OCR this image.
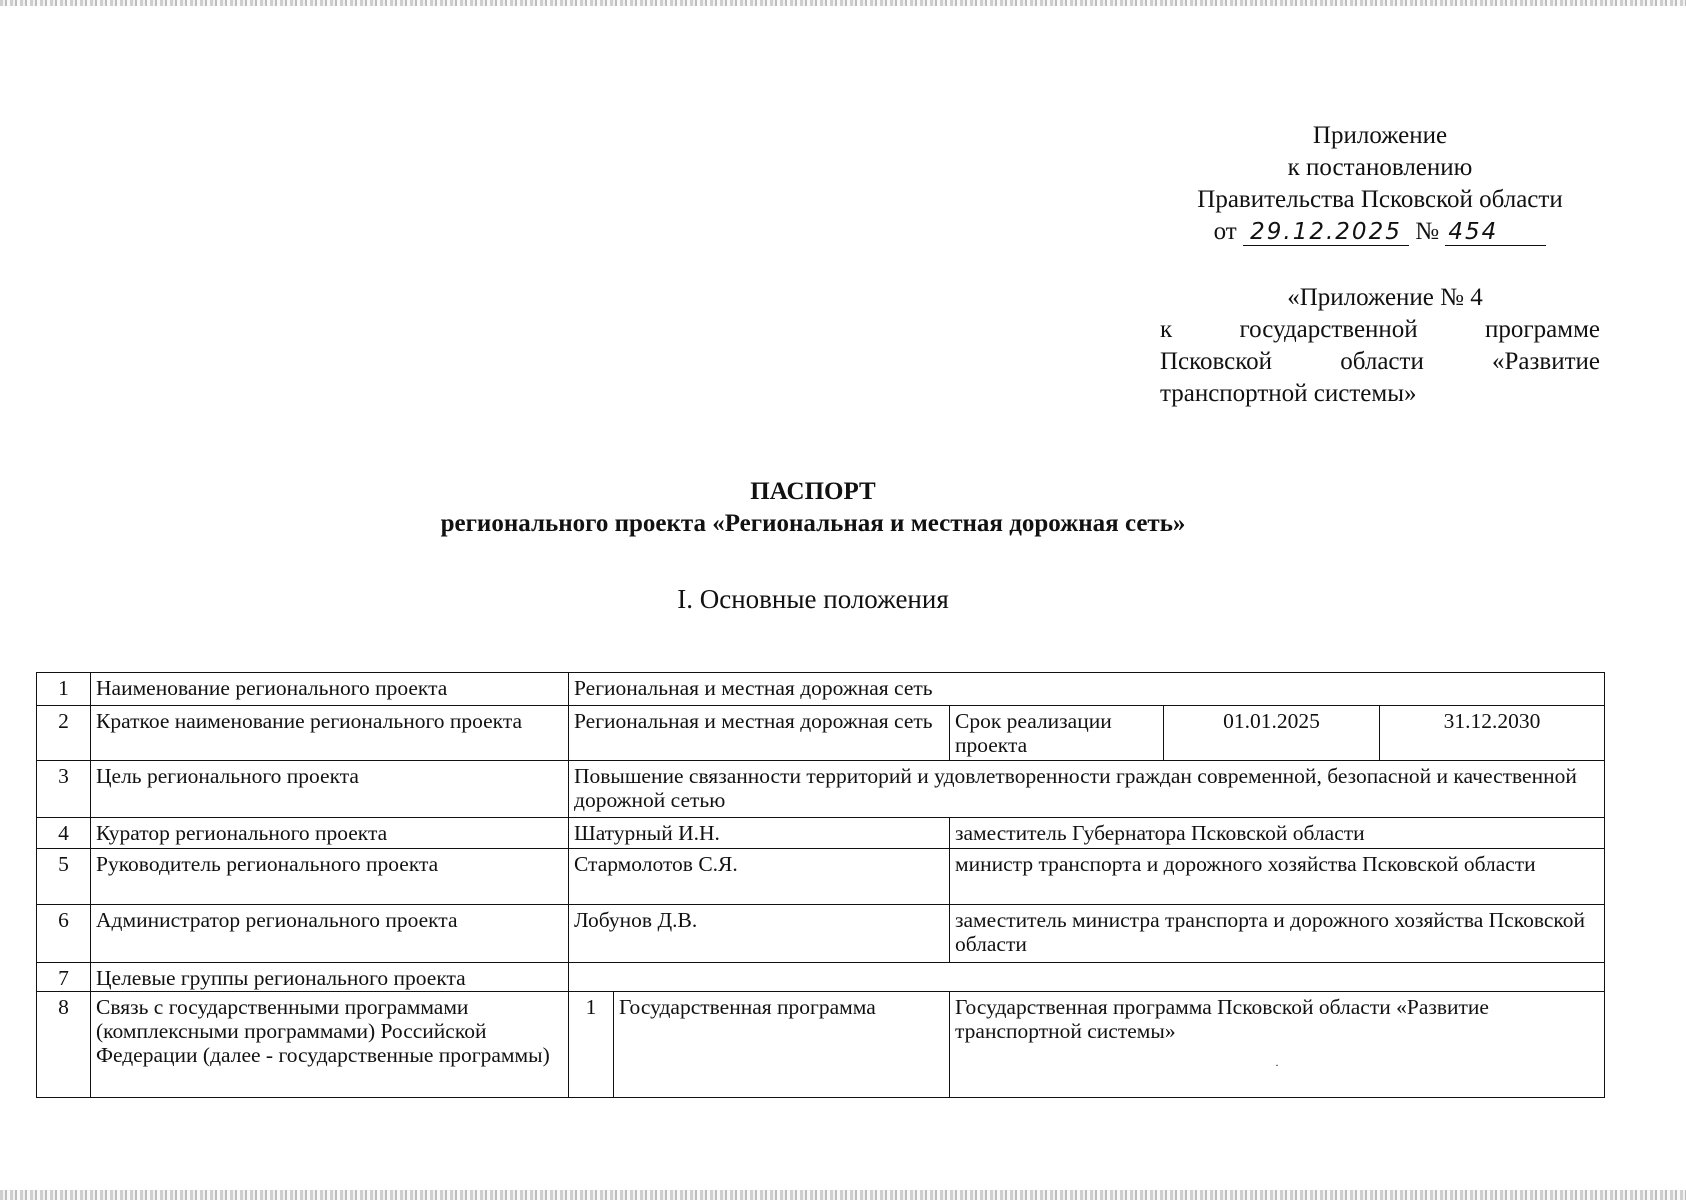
Приложение
к постановлению
Правительства Псковской области
от 29.12.2025 № 454
«Приложение № 4
к государственной программе
Псковской области «Развитие
транспортной системы»
ПАСПОРТ
регионального проекта «Региональная и местная дорожная сеть»
I. Основные положения
1	Наименование регионального проекта	Региональная и местная дорожная сеть				
2	Краткое наименование регионального проекта	Региональная и местная дорожная сеть		Срок реализации проекта	01.01.2025	31.12.2030
3	Цель регионального проекта	Повышение связанности территорий и удовлетворенности граждан современной, безопасной и качественной дорожной сетью				
4	Куратор регионального проекта	Шатурный И.Н.		заместитель Губернатора Псковской области		
5	Руководитель регионального проекта	Стармолотов С.Я.		министр транспорта и дорожного хозяйства Псковской области		
6	Администратор регионального проекта	Лобунов Д.В.		заместитель министра транспорта и дорожного хозяйства Псковской области		
7	Целевые группы регионального проекта					
8	Связь с государственными программами (комплексными программами) Российской Федерации (далее - государственные программы)	1	Государственная программа	Государственная программа Псковской области «Развитие транспортной системы»
.		
